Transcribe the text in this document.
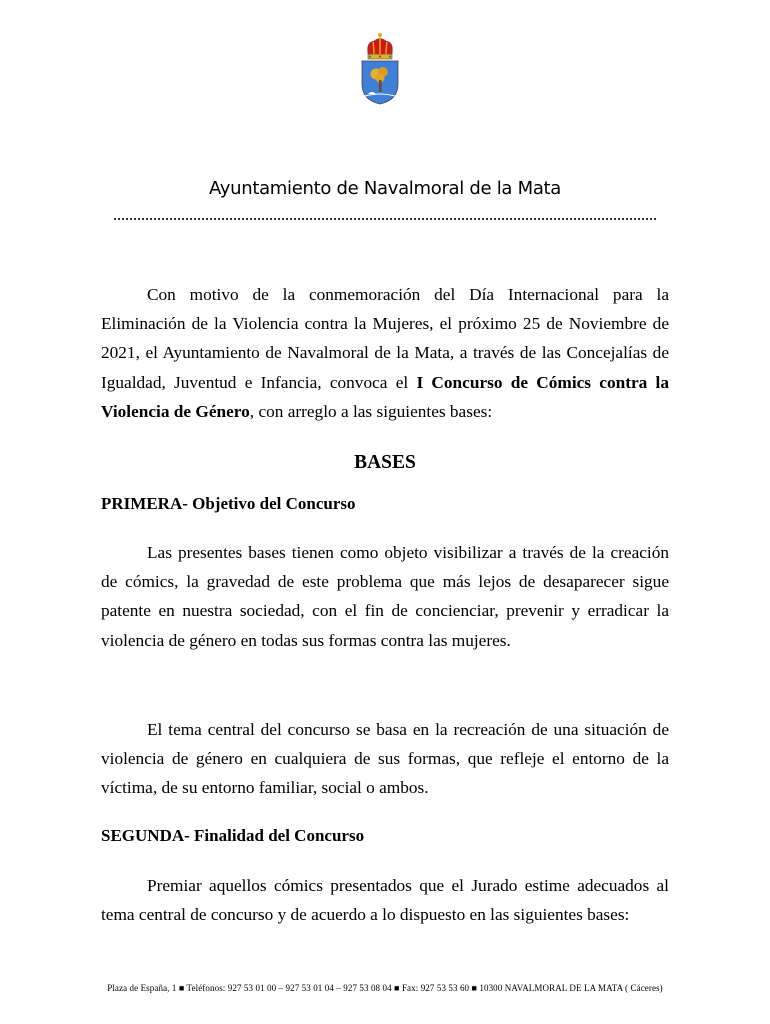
Ayuntamiento de Navalmoral de la Mata
Con motivo de la conmemoración del Día Internacional para la Eliminación de la Violencia contra la Mujeres, el próximo 25 de Noviembre de 2021, el Ayuntamiento de Navalmoral de la Mata, a través de las Concejalías de Igualdad, Juventud e Infancia, convoca el I Concurso de Cómics contra la Violencia de Género, con arreglo a las siguientes bases:
BASES
PRIMERA- Objetivo del Concurso
Las presentes bases tienen como objeto visibilizar a través de la creación de cómics, la gravedad de este problema que más lejos de desaparecer sigue patente en nuestra sociedad, con el fin de concienciar, prevenir y erradicar la violencia de género en todas sus formas contra las mujeres.
El tema central del concurso se basa en la recreación de una situación de violencia de género en cualquiera de sus formas, que refleje el entorno de la víctima, de su entorno familiar, social o ambos.
SEGUNDA- Finalidad del Concurso
Premiar aquellos cómics presentados que el Jurado estime adecuados al tema central de concurso y de acuerdo a lo dispuesto en las siguientes bases:
Plaza de España, 1 ■ Teléfonos: 927 53 01 00 – 927 53 01 04 – 927 53 08 04 ■ Fax: 927 53 53 60 ■ 10300 NAVALMORAL DE LA MATA ( Cáceres)
